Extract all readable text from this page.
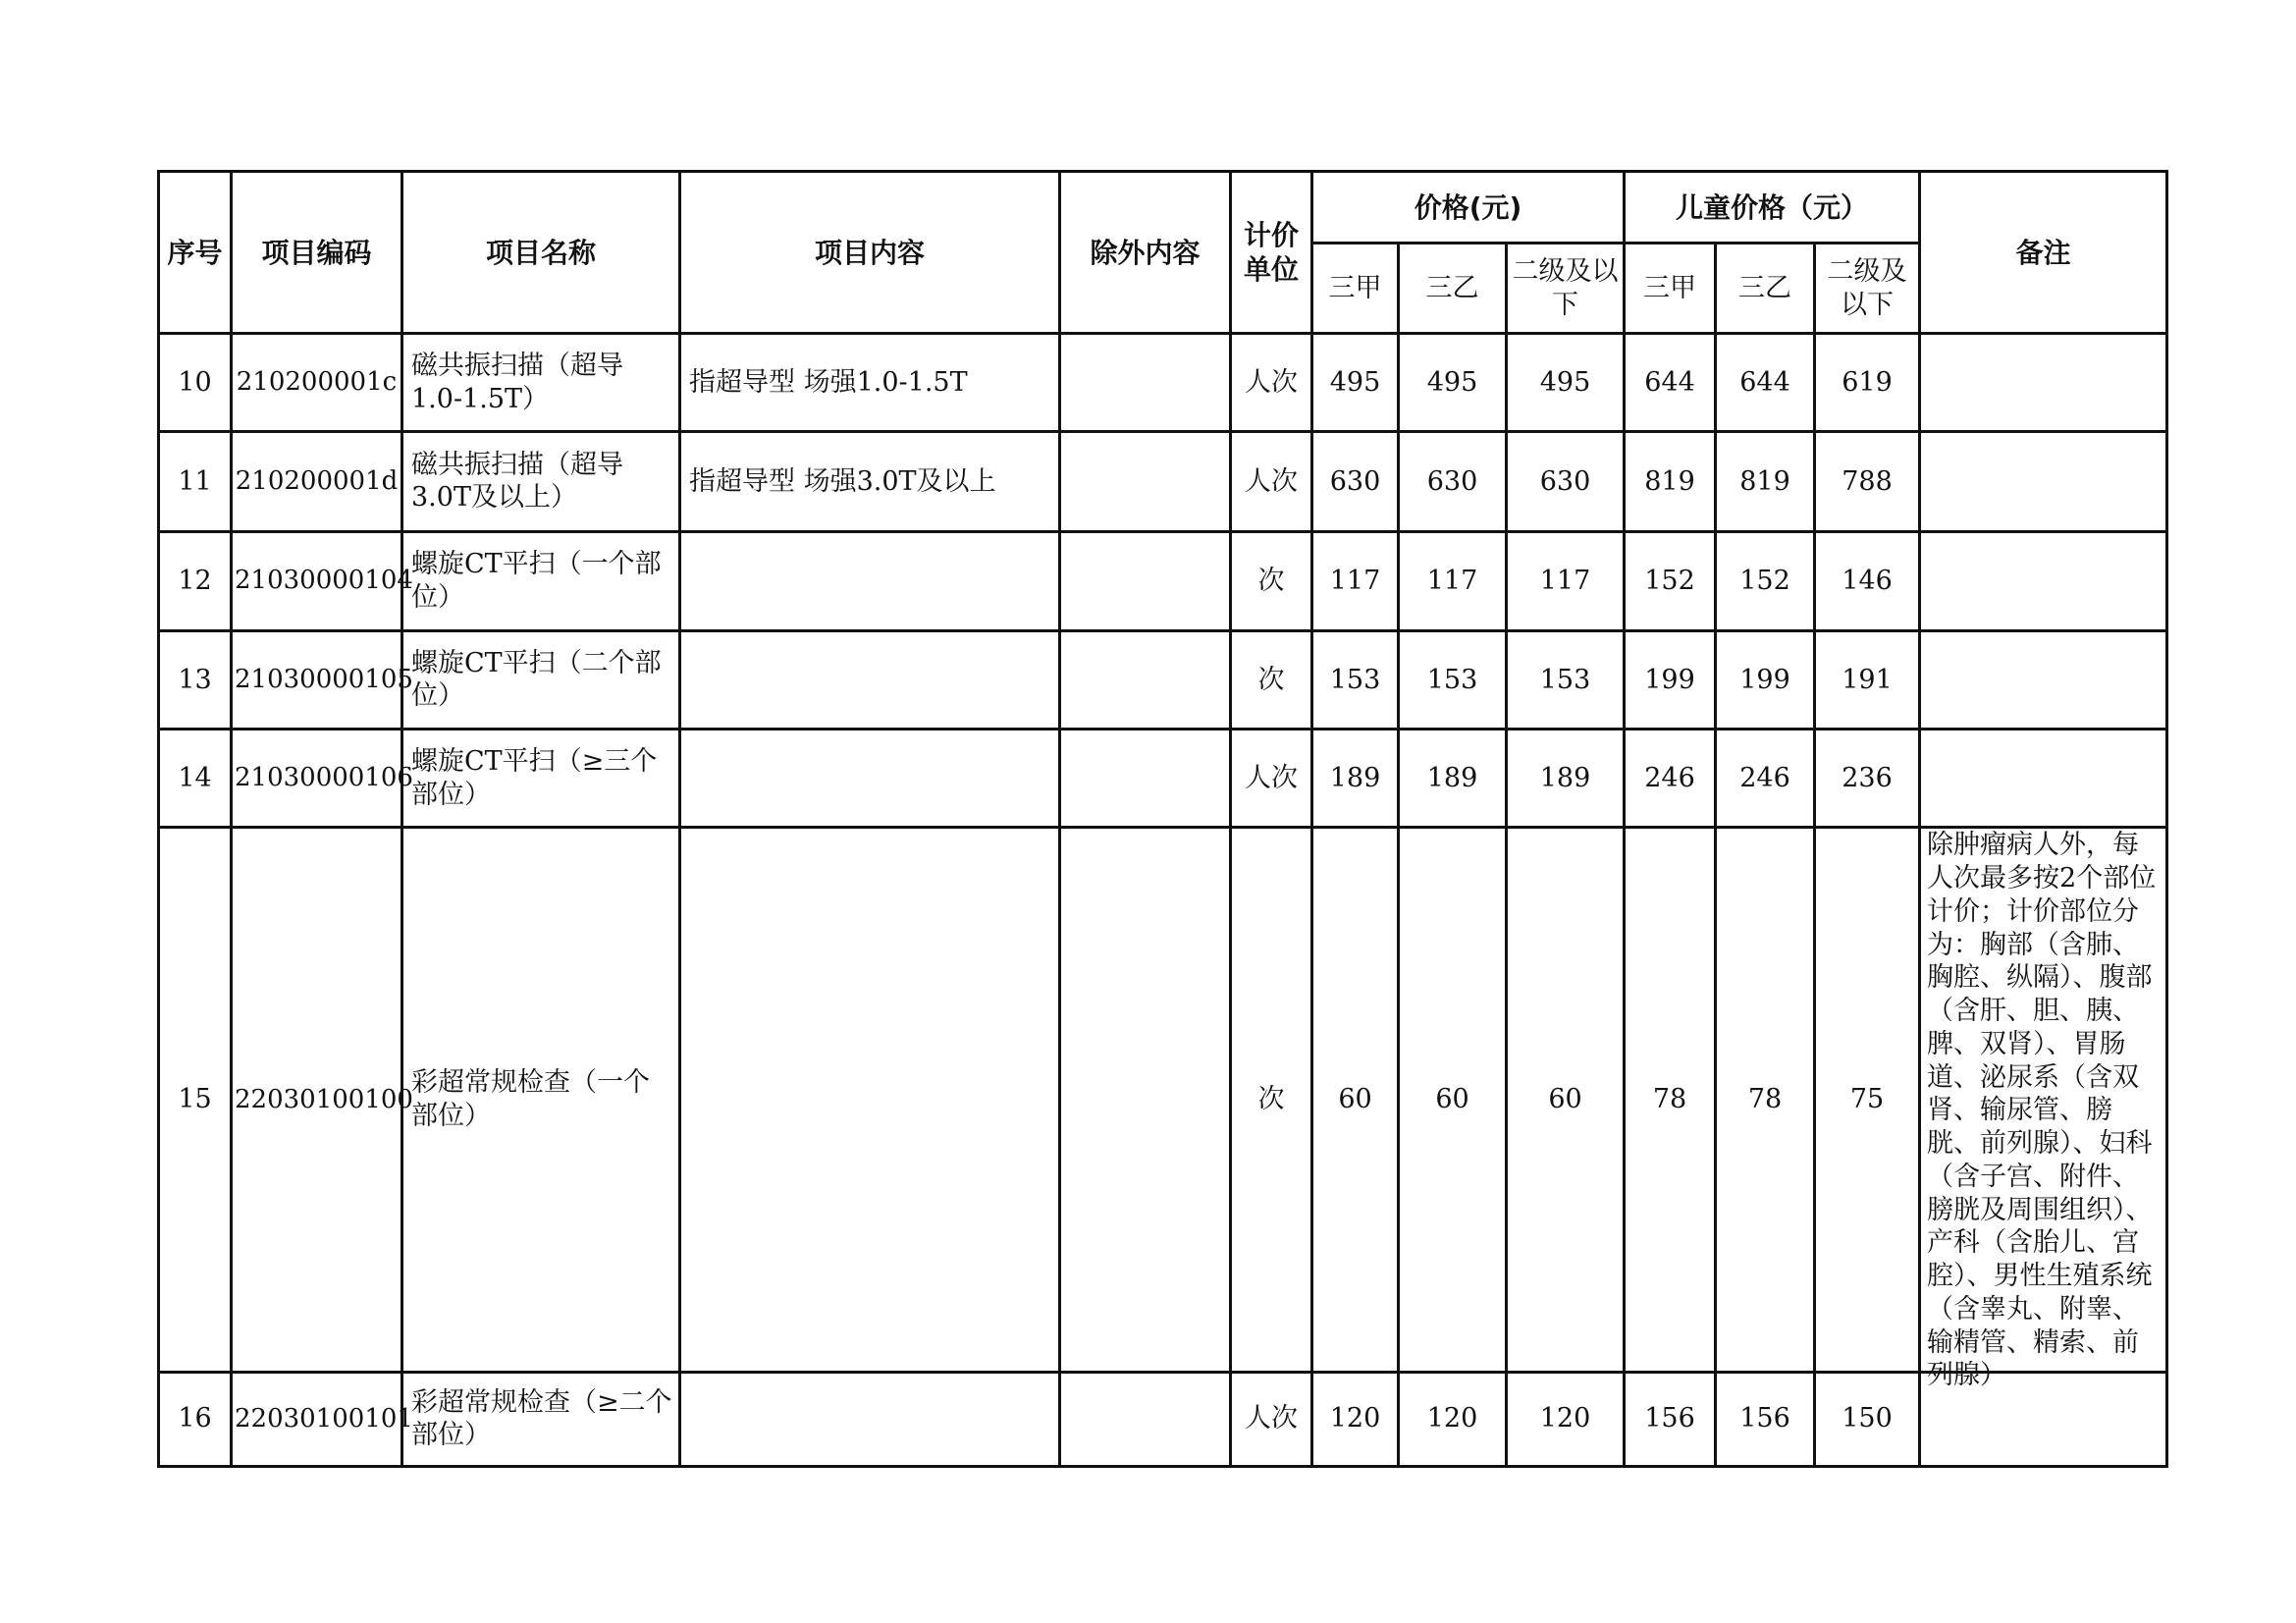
序号	项目编码	项目名称	项目内容	除外内容	计价单位	价格(元)			儿童价格（元）			备注
						三甲	三乙	二级及以下	三甲	三乙	二级及以下	
10	210200001c	磁共振扫描（超导1.0-1.5T）	指超导型 场强1.0-1.5T		人次	495	495	495	644	644	619	

11	210200001d	磁共振扫描（超导3.0T及以上）	指超导型 场强3.0T及以上		人次	630	630	630	819	819	788	

12	21030000104	螺旋CT平扫（一个部位）			次	117	117	117	152	152	146	

13	21030000105	螺旋CT平扫（二个部位）			次	153	153	153	199	199	191	

14	21030000106	螺旋CT平扫（≥三个部位）			人次	189	189	189	246	246	236	

15	22030100100	彩超常规检查（一个部位）			次	60	60	60	78	78	75	除肿瘤病人外，每人次最多按2个部位计价；计价部位分为：胸部（含肺、胸腔、纵隔）、腹部（含肝、胆、胰、脾、双肾）、胃肠道、泌尿系（含双肾、输尿管、膀胱、前列腺）、妇科（含子宫、附件、膀胱及周围组织）、产科（含胎儿、宫腔）、男性生殖系统（含睾丸、附睾、输精管、精索、前列腺）

16	22030100101	彩超常规检查（≥二个部位）			人次	120	120	120	156	156	150	
